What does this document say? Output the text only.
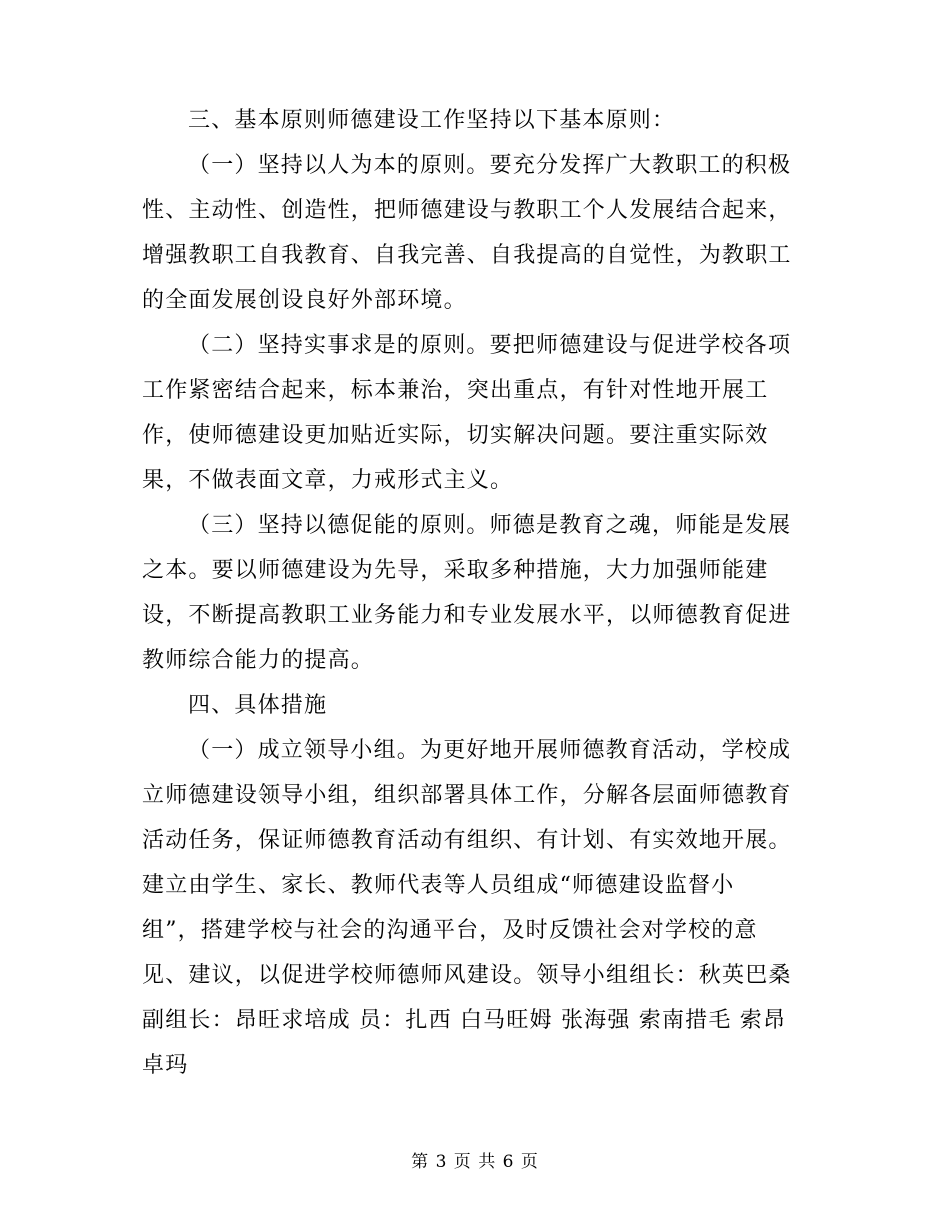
三、基本原则师德建设工作坚持以下基本原则：
（一）坚持以人为本的原则。要充分发挥广大教职工的积极
性、主动性、创造性，把师德建设与教职工个人发展结合起来，
增强教职工自我教育、自我完善、自我提高的自觉性，为教职工
的全面发展创设良好外部环境。
（二）坚持实事求是的原则。要把师德建设与促进学校各项
工作紧密结合起来，标本兼治，突出重点，有针对性地开展工
作，使师德建设更加贴近实际，切实解决问题。要注重实际效
果，不做表面文章，力戒形式主义。
（三）坚持以德促能的原则。师德是教育之魂，师能是发展
之本。要以师德建设为先导，采取多种措施，大力加强师能建
设，不断提高教职工业务能力和专业发展水平，以师德教育促进
教师综合能力的提高。
四、具体措施
（一）成立领导小组。为更好地开展师德教育活动，学校成
立师德建设领导小组，组织部署具体工作，分解各层面师德教育
活动任务，保证师德教育活动有组织、有计划、有实效地开展。
建立由学生、家长、教师代表等人员组成“师德建设监督小
组”，搭建学校与社会的沟通平台，及时反馈社会对学校的意
见、建议，以促进学校师德师风建设。领导小组组长：秋英巴桑
副组长：昂旺求培成 员：扎西 白马旺姆 张海强 索南措毛 索昂
卓玛
第 3 页 共 6 页
